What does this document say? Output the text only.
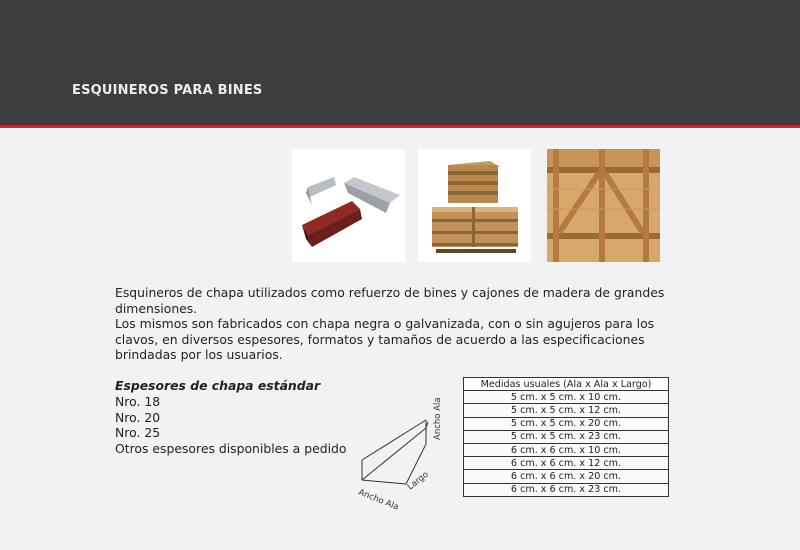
ESQUINEROS PARA BINES

Esquineros de chapa utilizados como refuerzo de bines y cajones de madera de grandes dimensiones.

Los mismos son fabricados con chapa negra o galvanizada, con o sin agujeros para los clavos, en diversos espesores, formatos y tamaños de acuerdo a las especificaciones brindadas por los usuarios.

Espesores de chapa estándar
Nro. 18
Nro. 20
Nro. 25
Otros espesores disponibles a pedido
Ancho Ala
Largo
Ancho Ala
Medidas usuales (Ala x Ala x Largo)
5 cm. x 5 cm. x 10 cm.
5 cm. x 5 cm. x 12 cm.
5 cm. x 5 cm. x 20 cm.
5 cm. x 5 cm. x 23 cm.
6 cm. x 6 cm. x 10 cm.
6 cm. x 6 cm. x 12 cm.
6 cm. x 6 cm. x 20 cm.
6 cm. x 6 cm. x 23 cm.
